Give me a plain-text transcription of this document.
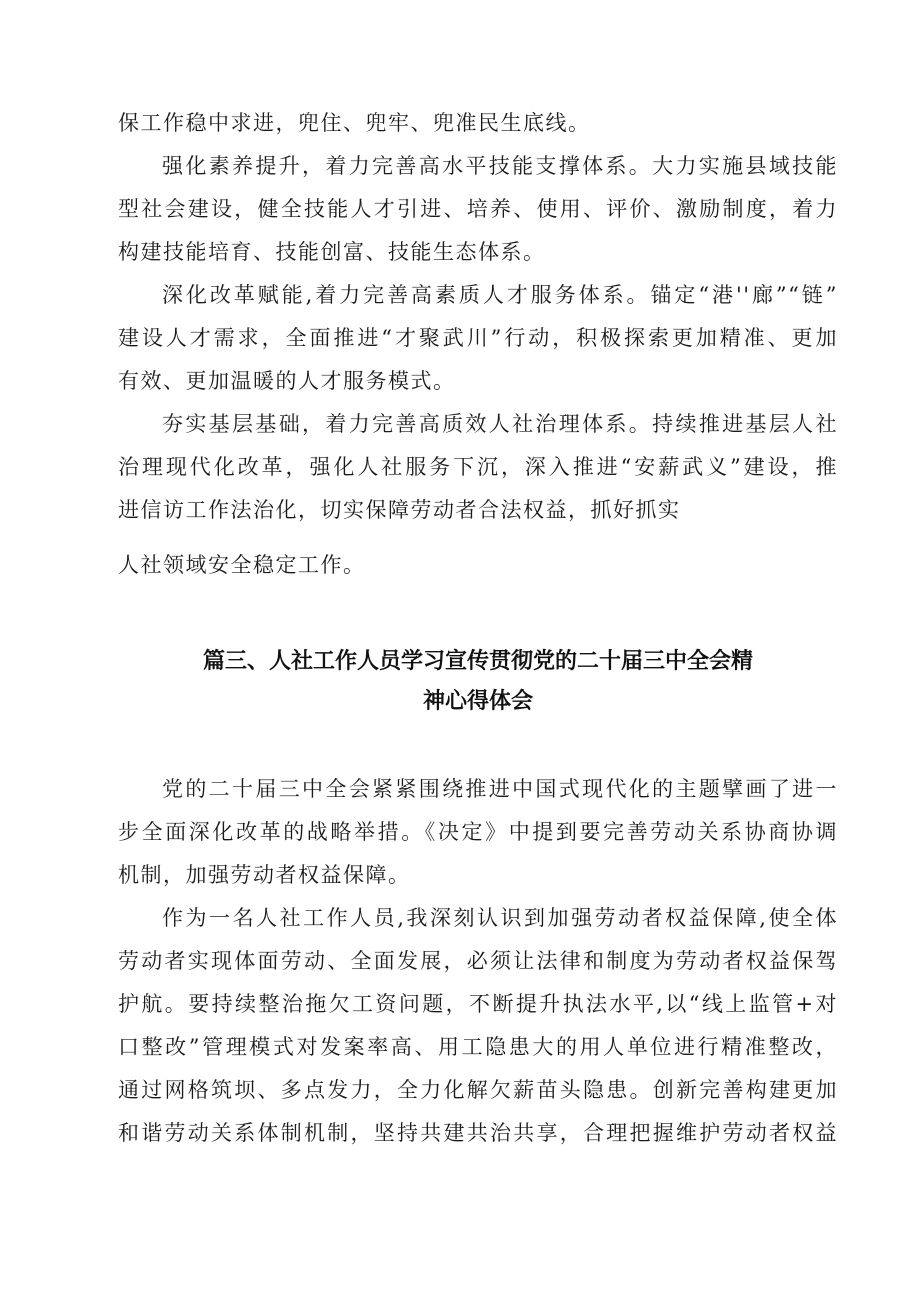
保工作稳中求进，兜住、兜牢、兜准民生底线。

强化素养提升，着力完善高水平技能支撑体系。大力实施县域技能
型社会建设，健全技能人才引进、培养、使用、评价、激励制度，着力
构建技能培育、技能创富、技能生态体系。

深化改革赋能,着力完善高素质人才服务体系。锚定“港''廊”“链”
建设人才需求，全面推进“才聚武川”行动，积极探索更加精准、更加
有效、更加温暖的人才服务模式。

夯实基层基础，着力完善高质效人社治理体系。持续推进基层人社
治理现代化改革，强化人社服务下沉，深入推进“安薪武义”建设，推
进信访工作法治化，切实保障劳动者合法权益，抓好抓实

人社领域安全稳定工作。

篇三、人社工作人员学习宣传贯彻党的二十届三中全会精
神心得体会

党的二十届三中全会紧紧围绕推进中国式现代化的主题擘画了进一
步全面深化改革的战略举措。《决定》中提到要完善劳动关系协商协调
机制，加强劳动者权益保障。

作为一名人社工作人员,我深刻认识到加强劳动者权益保障,使全体
劳动者实现体面劳动、全面发展，必须让法律和制度为劳动者权益保驾
护航。要持续整治拖欠工资问题，不断提升执法水平,以“线上监管+对
口整改”管理模式对发案率高、用工隐患大的用人单位进行精准整改，
通过网格筑坝、多点发力，全力化解欠薪苗头隐患。创新完善构建更加
和谐劳动关系体制机制，坚持共建共治共享，合理把握维护劳动者权益
